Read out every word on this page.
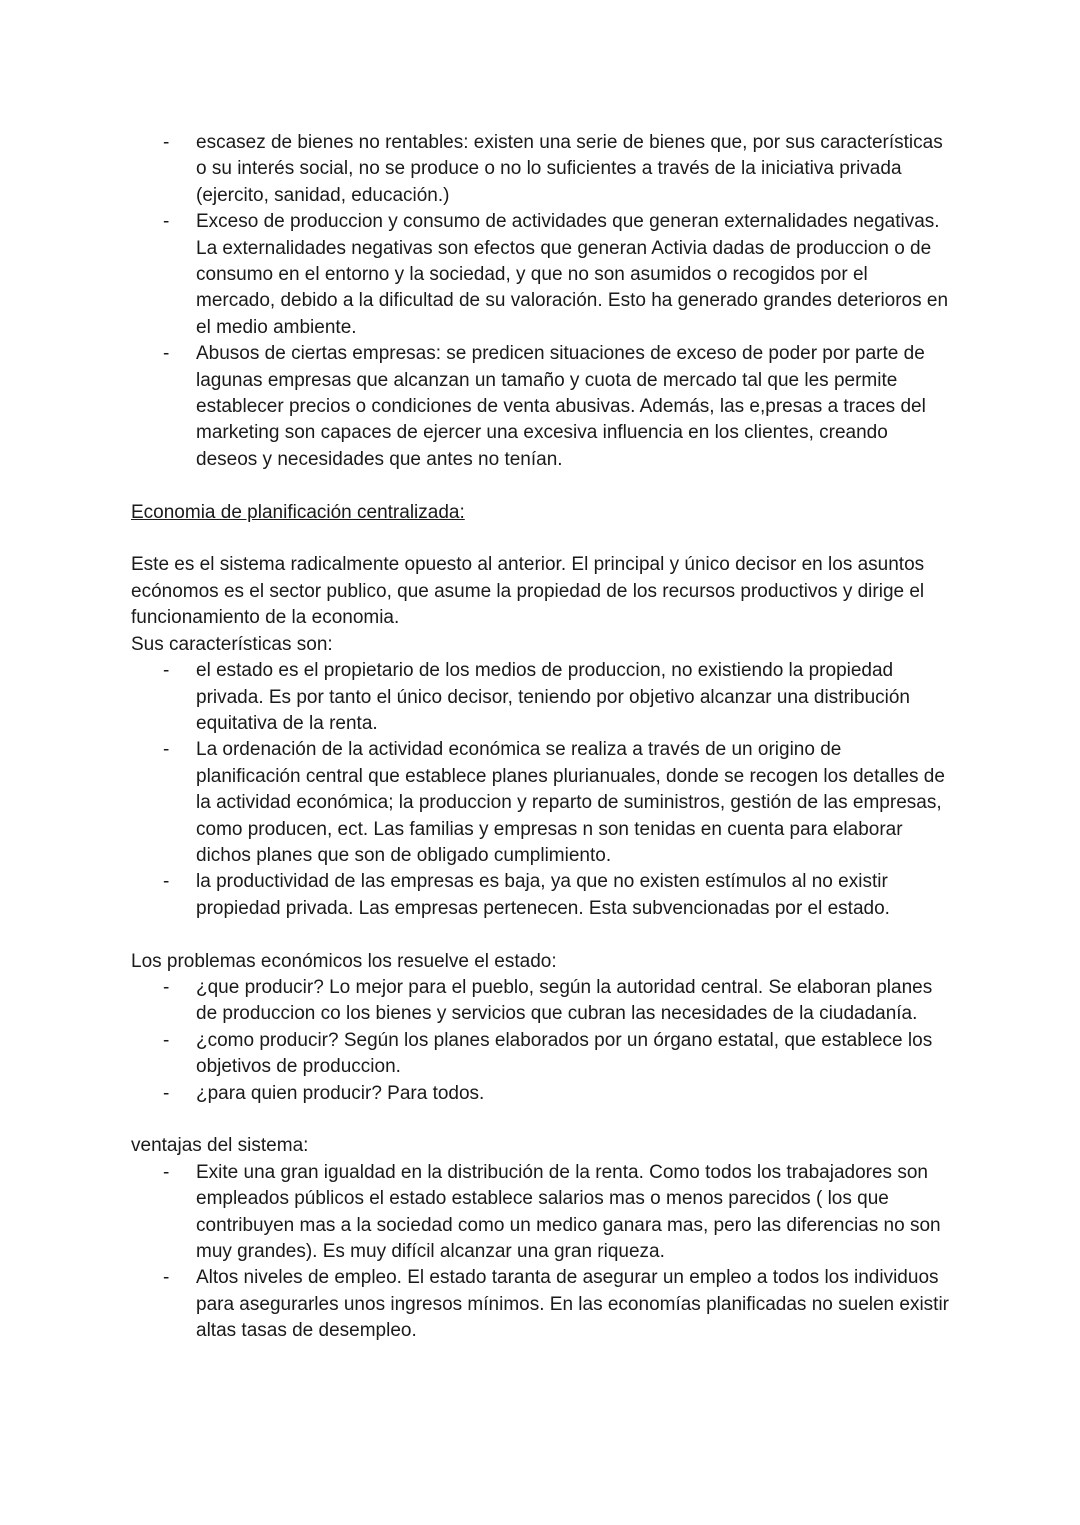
- escasez de bienes no rentables: existen una serie de bienes que, por sus características o su interés social, no se produce o no lo suficientes a través de la iniciativa privada (ejercito, sanidad, educación.)
- Exceso de produccion y consumo de actividades que generan externalidades negativas. La externalidades negativas son efectos que generan Activia dadas de produccion o de consumo en el entorno y la sociedad, y que no son asumidos o recogidos por el mercado, debido a la dificultad de su valoración. Esto ha generado grandes deterioros en el medio ambiente.
- Abusos de ciertas empresas: se predicen situaciones de exceso de poder por parte de lagunas empresas que alcanzan un tamaño y cuota de mercado tal que les permite establecer precios o condiciones de venta abusivas. Además, las e,presas a traces del marketing son capaces de ejercer una excesiva influencia en los clientes, creando deseos y necesidades que antes no tenían.

Economia de planificación centralizada:

Este es el sistema radicalmente opuesto al anterior. El principal y único decisor en los asuntos ecónomos es el sector publico, que asume la propiedad de los recursos productivos y dirige el funcionamiento de la economia.

Sus características son:

- el estado es el propietario de los medios de produccion, no existiendo la propiedad privada. Es por tanto el único decisor, teniendo por objetivo alcanzar una distribución equitativa de la renta.
- La ordenación de la actividad económica se realiza a través de un origino de planificación central que establece planes plurianuales, donde se recogen los detalles de la actividad económica; la produccion y reparto de suministros, gestión de las empresas, como producen, ect. Las familias y empresas n son tenidas en cuenta para elaborar dichos planes que son de obligado cumplimiento.
- la productividad de las empresas es baja, ya que no existen estímulos al no existir propiedad privada. Las empresas pertenecen. Esta subvencionadas por el estado.

Los problemas económicos los resuelve el estado:

- ¿que producir? Lo mejor para el pueblo, según la autoridad central. Se elaboran planes de produccion co los bienes y servicios que cubran las necesidades de la ciudadanía.
- ¿como producir? Según los planes elaborados por un órgano estatal, que establece los objetivos de produccion.
- ¿para quien producir? Para todos.

ventajas del sistema:

- Exite una gran igualdad en la distribución de la renta. Como todos los trabajadores son empleados públicos el estado establece salarios mas o menos parecidos ( los que contribuyen mas a la sociedad como un medico ganara mas, pero las diferencias no son muy grandes). Es muy difícil alcanzar una gran riqueza.
- Altos niveles de empleo. El estado taranta de asegurar un empleo a todos los individuos para asegurarles unos ingresos mínimos. En las economías planificadas no suelen existir altas tasas de desempleo.
